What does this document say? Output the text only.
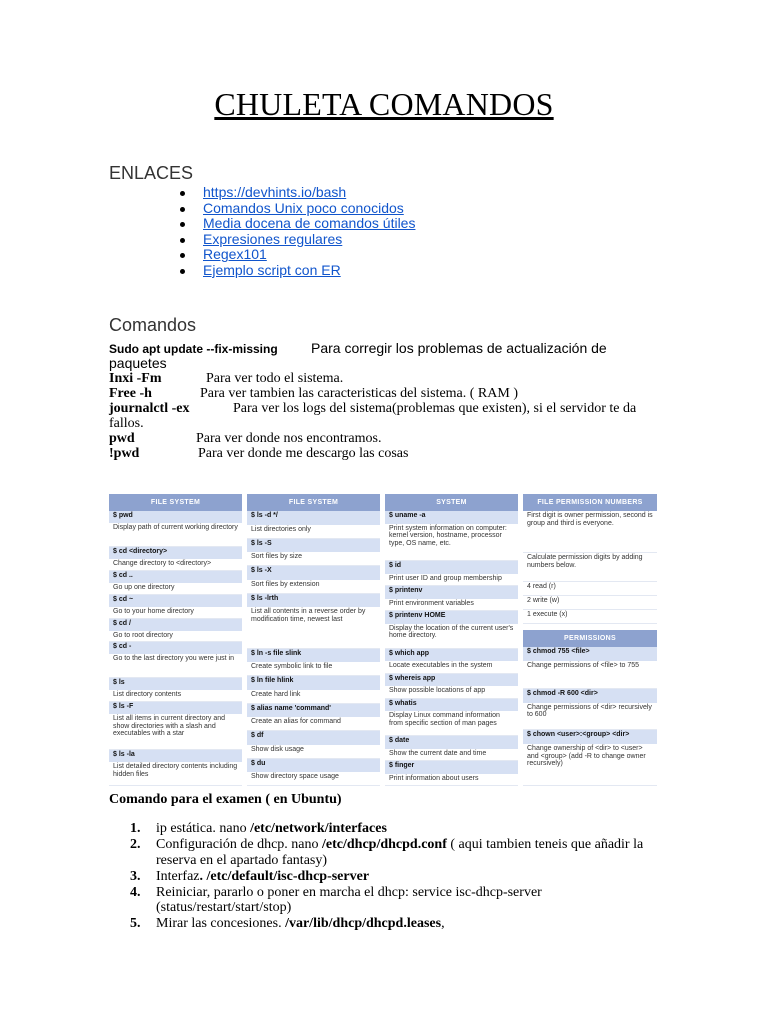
CHULETA COMANDOS
ENLACES
https://devhints.io/bash
Comandos Unix poco conocidos
Media docena de comandos útiles
Expresiones regulares
Regex101
Ejemplo script con ER
Comandos
Sudo apt update --fix-missing Para corregir los problemas de actualización de
paquetes
Inxi -Fm	Para ver todo el sistema.
Free -h	Para ver tambien las caracteristicas del sistema. ( RAM )
journalctl -ex	Para ver los logs del sistema(problemas que existen), si el servidor te da
fallos.
pwd	Para ver donde nos encontramos.
!pwd	Para ver donde me descargo las cosas
FILE SYSTEM
$ pwd
Display path of current working directory
$ cd <directory>
Change directory to <directory>
$ cd ..
Go up one directory
$ cd ~
Go to your home directory
$ cd /
Go to root directory
$ cd -
Go to the last directory you were just in
$ ls
List directory contents
$ ls -F
List all items in current directory and show directories with a slash and executables with a star
$ ls -la
List detailed directory contents including hidden files
FILE SYSTEM
$ ls -d */
List directories only
$ ls -S
Sort files by size
$ ls -X
Sort files by extension
$ ls -lrth
List all contents in a reverse order by modification time, newest last
$ ln -s file slink
Create symbolic link to file
$ ln file hlink
Create hard link
$ alias name 'command'
Create an alias for command
$ df
Show disk usage
$ du
Show directory space usage
SYSTEM
$ uname -a
Print system information on computer: kernel version, hostname, processor type, OS name, etc.
$ id
Print user ID and group membership
$ printenv
Print environment variables
$ printenv HOME
Display the location of the current user's home directory.
$ which app
Locate executables in the system
$ whereis app
Show possible locations of app
$ whatis
Display Linux command information from specific section of man pages
$ date
Show the current date and time
$ finger
Print information about users
FILE PERMISSION NUMBERS
First digit is owner permission, second is group and third is everyone.
Calculate permission digits by adding numbers below.
4 read (r)
2 write (w)
1 execute (x)
PERMISSIONS
$ chmod 755 <file>
Change permissions of <file> to 755
$ chmod -R 600 <dir>
Change permissions of <dir> recursively to 600
$ chown <user>:<group> <dir>
Change ownership of <dir> to <user> and <group> (add -R to change owner recursively)
Comando para el examen ( en Ubuntu)
1. ip estática. nano /etc/network/interfaces
2. Configuración de dhcp. nano /etc/dhcp/dhcpd.conf ( aqui tambien teneis que añadir la reserva en el apartado fantasy)
3. Interfaz. /etc/default/isc-dhcp-server
4. Reiniciar, pararlo o poner en marcha el dhcp: service isc-dhcp-server (status/restart/start/stop)
5. Mirar las concesiones. /var/lib/dhcp/dhcpd.leases,
